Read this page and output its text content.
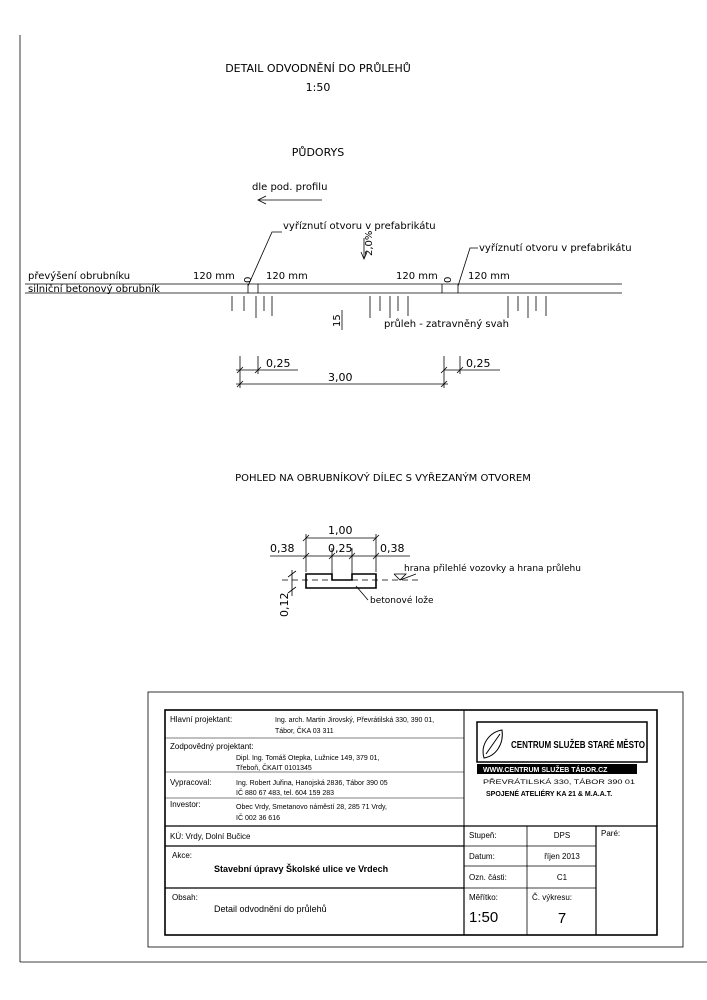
DETAIL ODVODNĚNÍ DO PRŮLEHŮ
1:50
PŮDORYS
dle pod. profilu
vyříznutí otvoru v prefabrikátu
vyříznutí otvoru v prefabrikátu
2,0%
převýšení obrubníku
silniční betonový obrubník
120 mm 0 120 mm	120 mm 0 120 mm
15	průleh - zatravněný svah
0,25
3,00
0,25
POHLED NA OBRUBNÍKOVÝ DÍLEC S VYŘEZANÝM OTVOREM
1,00
0,38	0,25	0,38
0,12
hrana přilehlé vozovky a hrana průlehu
betonové lože
Hlavní projektant:	Ing. arch. Martin Jirovský, Převrátilská 330, 390 01,
Tábor, ČKA 03 311
Zodpovědný projektant:
Dipl. Ing. Tomáš Otepka, Lužnice 149, 379 01,
Třeboň, ČKAIT 0101345
Vypracoval:	Ing. Robert Juřina, Hanojská 2836, Tábor 390 05
IČ 880 67 483, tel. 604 159 283
Investor:	Obec Vrdy, Smetanovo náměstí 28, 285 71 Vrdy,
IČ 002 36 616
KÚ: Vrdy, Dolní Bučice
Akce:
Stavební úpravy Školské ulice ve Vrdech
Obsah:
Detail odvodnění do průlehů
Stupeň:	DPS
Datum:	říjen 2013
Ozn. části:	C1
Měřítko:
1:50
Č. výkresu:
7
Paré:
CENTRUM SLUŽEB STARÉ MĚSTO
WWW.CENTRUM SLUŽEB TÁBOR.CZ
PŘEVRÁTILSKÁ 330, TÁBOR 390 01
SPOJENÉ ATELIÉRY KA 21 & M.A.A.T.
